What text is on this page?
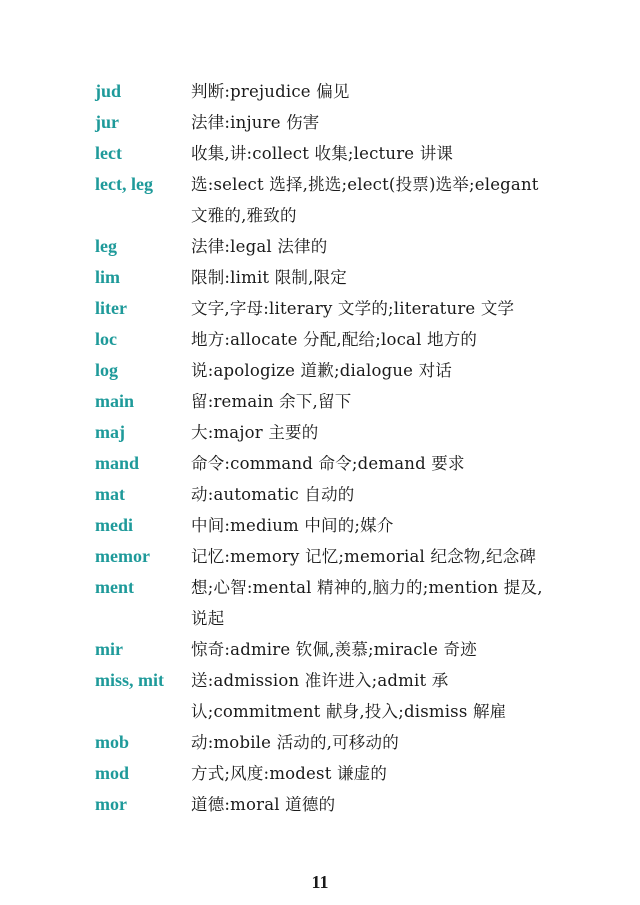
jud	判断:prejudice 偏见
jur	法律:injure 伤害
lect	收集,讲:collect 收集;lecture 讲课
lect, leg	选:select 选择,挑选;elect(投票)选举;elegant 文雅的,雅致的
leg	法律:legal 法律的
lim	限制:limit 限制,限定
liter	文字,字母:literary 文学的;literature 文学
loc	地方:allocate 分配,配给;local 地方的
log	说:apologize 道歉;dialogue 对话
main	留:remain 余下,留下
maj	大:major 主要的
mand	命令:command 命令;demand 要求
mat	动:automatic 自动的
medi	中间:medium 中间的;媒介
memor	记忆:memory 记忆;memorial 纪念物,纪念碑
ment	想;心智:mental 精神的,脑力的;mention 提及,说起
mir	惊奇:admire 钦佩,羡慕;miracle 奇迹
miss, mit	送:admission 准许进入;admit 承认;commitment 献身,投入;dismiss 解雇
mob	动:mobile 活动的,可移动的
mod	方式;风度:modest 谦虚的
mor	道德:moral 道德的
11
